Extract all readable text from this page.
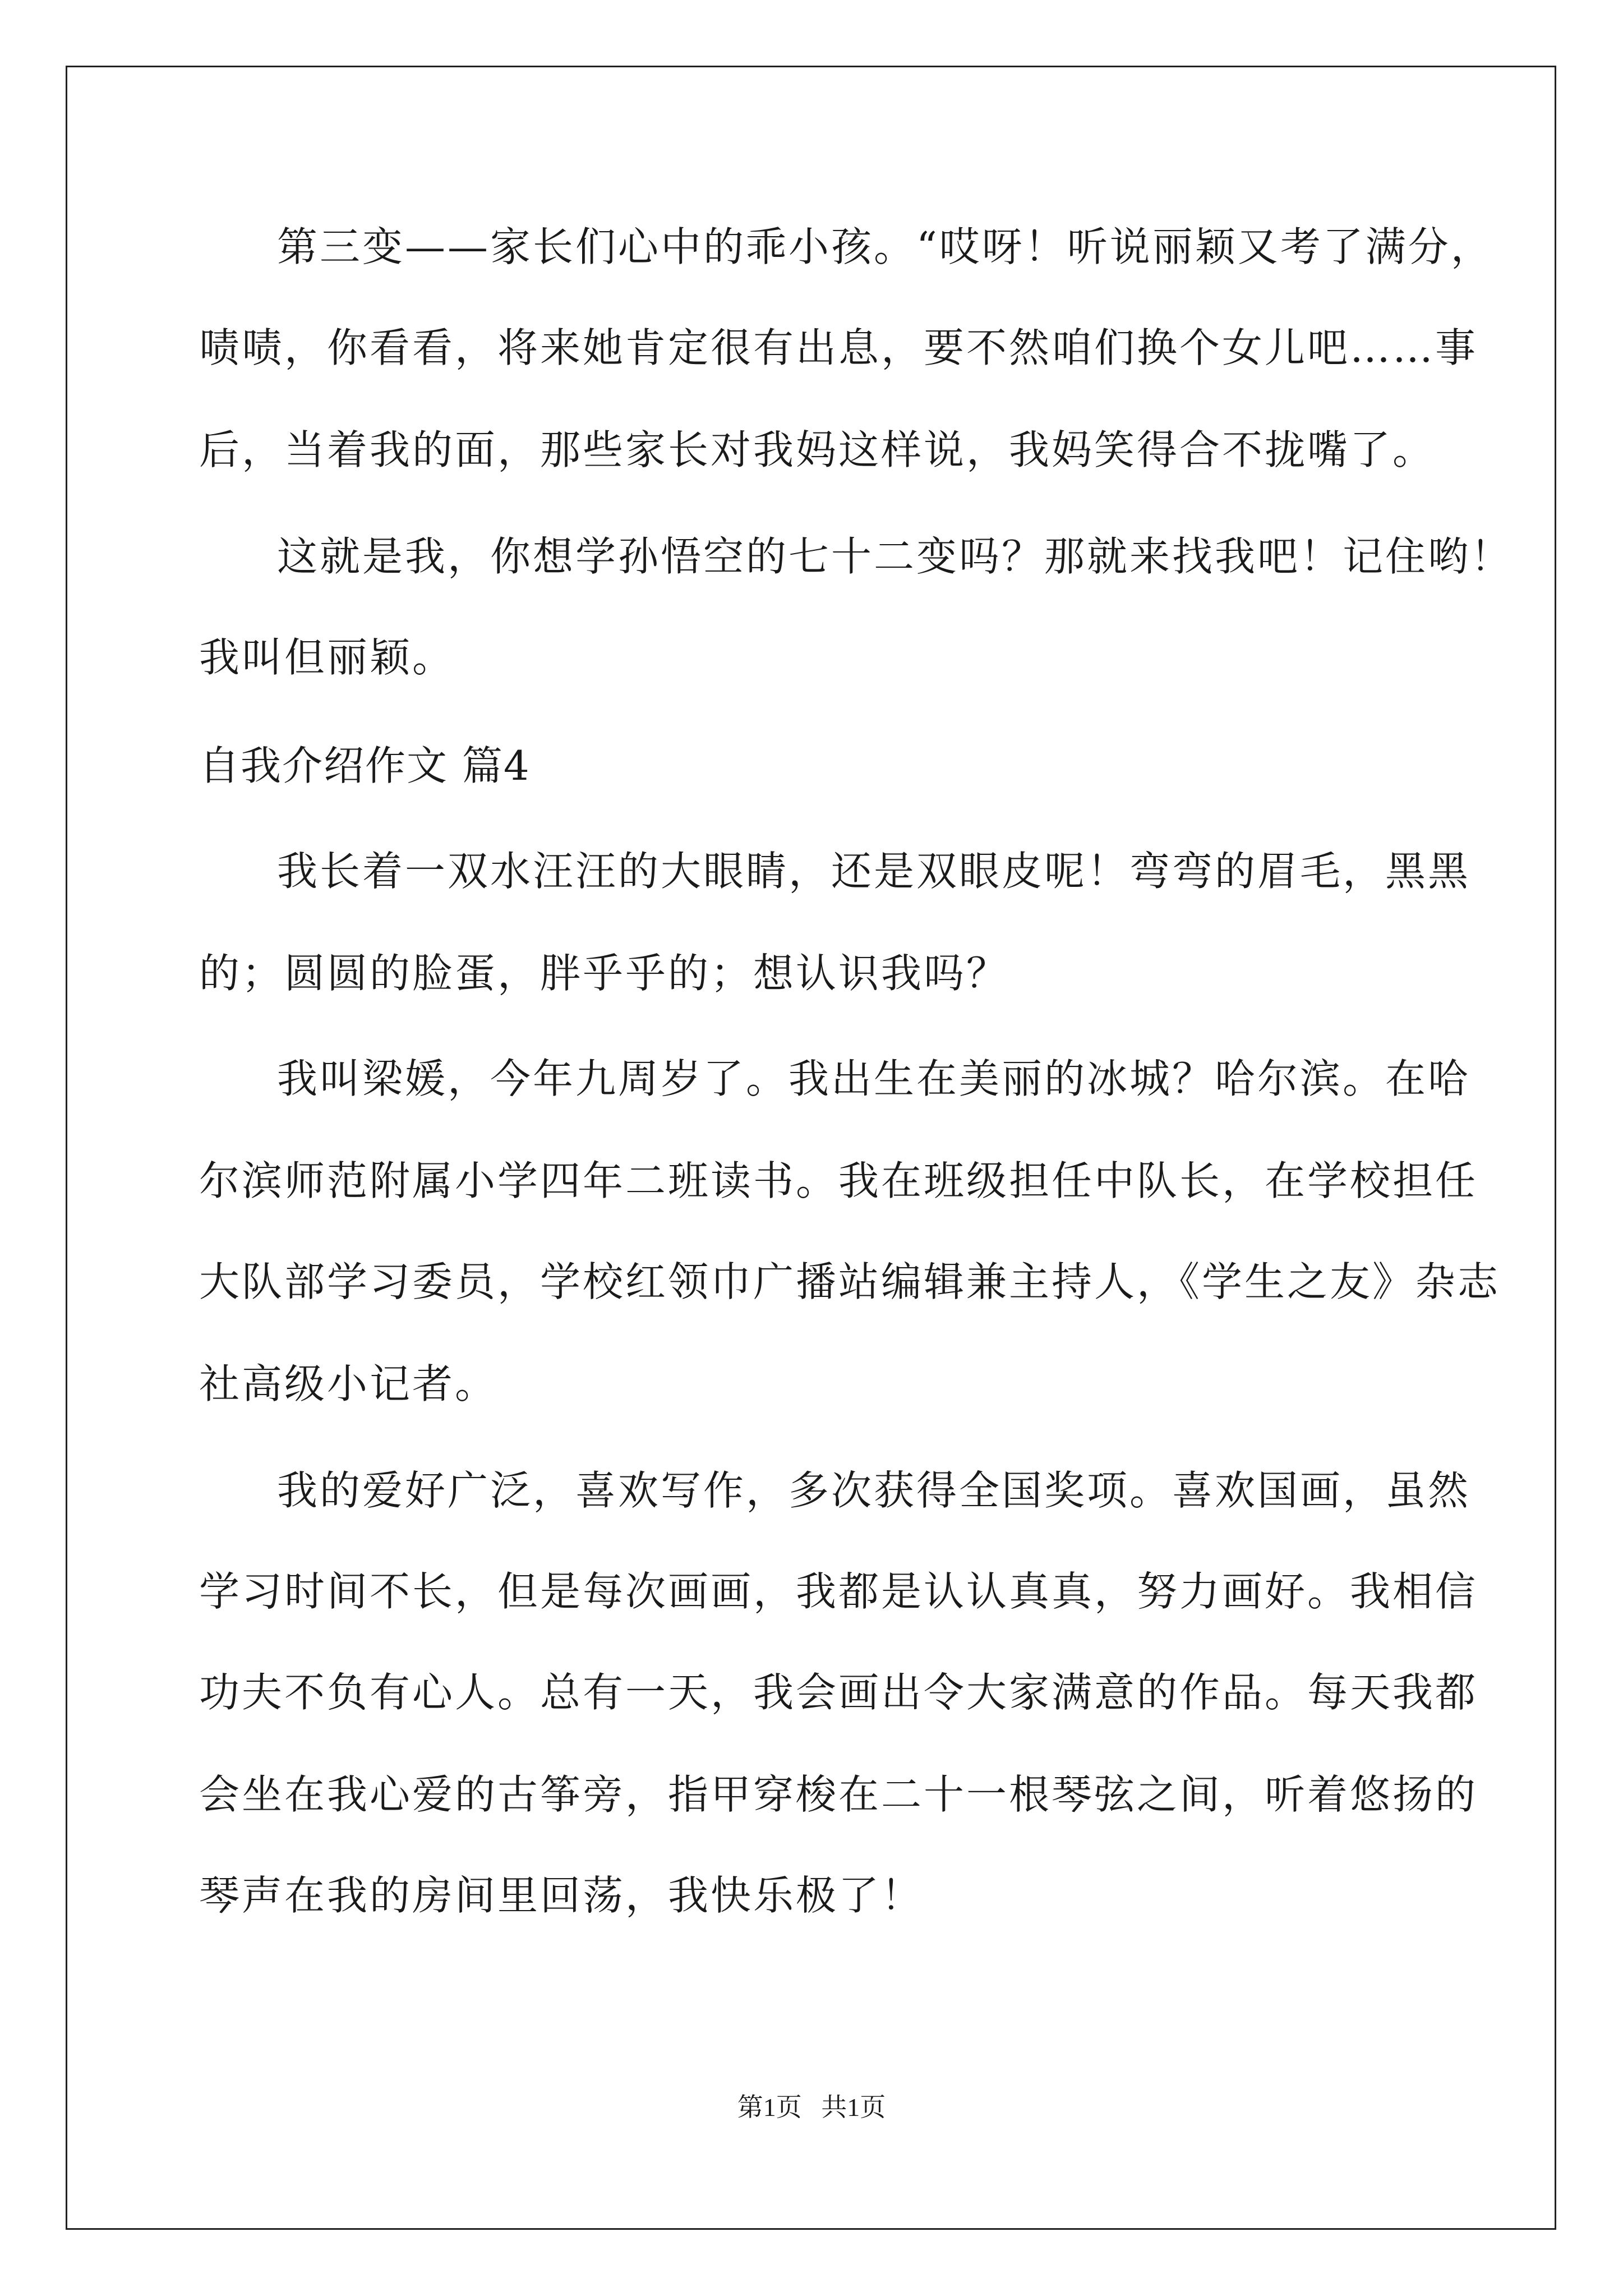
第三变——家长们心中的乖小孩。“哎呀！听说丽颖又考了满分，
啧啧，你看看，将来她肯定很有出息，要不然咱们换个女儿吧……事
后，当着我的面，那些家长对我妈这样说，我妈笑得合不拢嘴了。
这就是我，你想学孙悟空的七十二变吗？那就来找我吧！记住哟！
我叫但丽颖。
自我介绍作文 篇4
我长着一双水汪汪的大眼睛，还是双眼皮呢！弯弯的眉毛，黑黑
的；圆圆的脸蛋，胖乎乎的；想认识我吗？
我叫梁媛，今年九周岁了。我出生在美丽的冰城？哈尔滨。在哈
尔滨师范附属小学四年二班读书。我在班级担任中队长，在学校担任
大队部学习委员，学校红领巾广播站编辑兼主持人，《学生之友》杂志
社高级小记者。
我的爱好广泛，喜欢写作，多次获得全国奖项。喜欢国画，虽然
学习时间不长，但是每次画画，我都是认认真真，努力画好。我相信
功夫不负有心人。总有一天，我会画出令大家满意的作品。每天我都
会坐在我心爱的古筝旁，指甲穿梭在二十一根琴弦之间，听着悠扬的
琴声在我的房间里回荡，我快乐极了！
第1页   共1页
